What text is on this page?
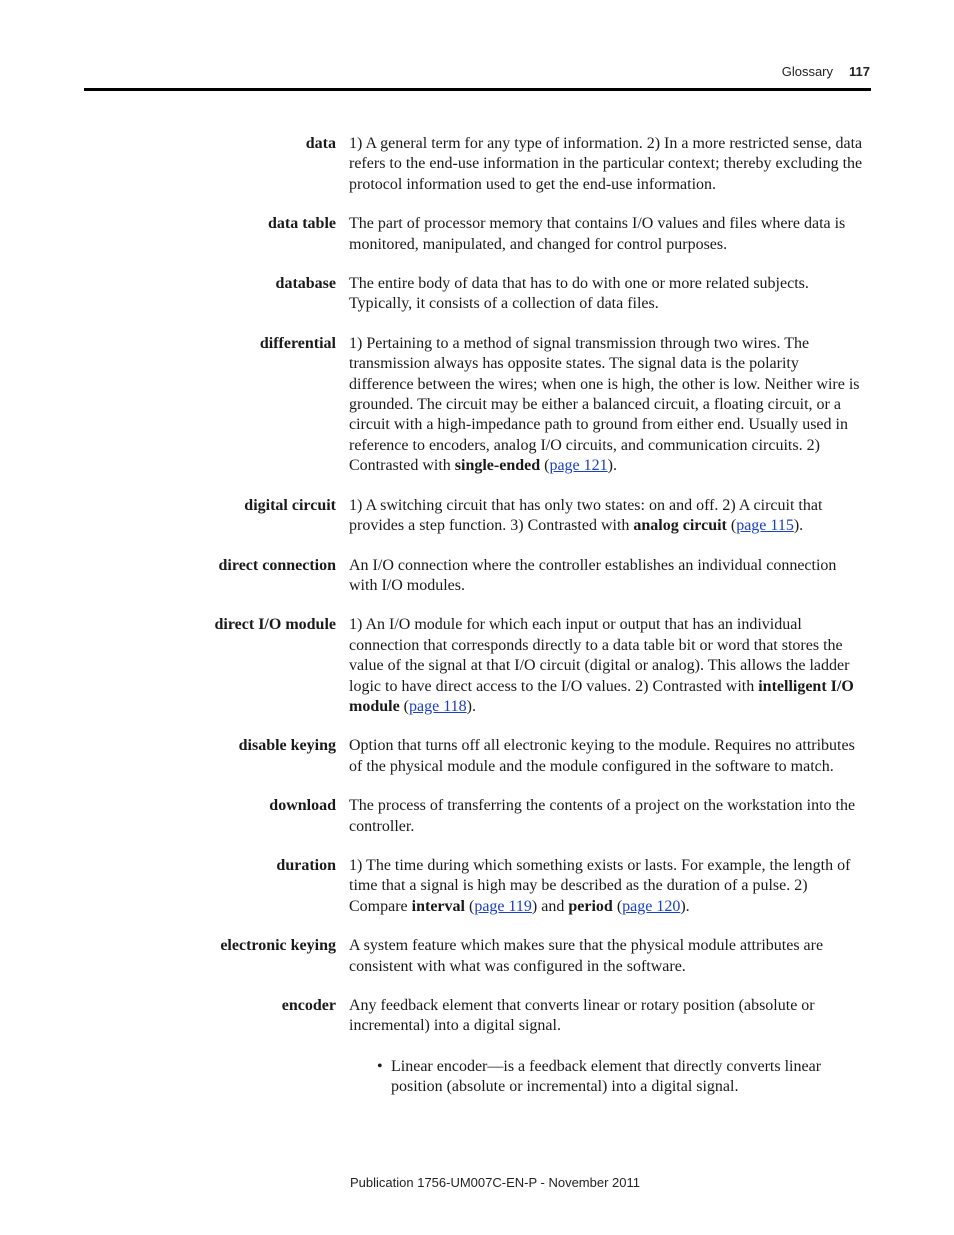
Glossary 117
data 1) A general term for any type of information. 2) In a more restricted sense, data refers to the end-use information in the particular context; thereby excluding the protocol information used to get the end-use information.
data table The part of processor memory that contains I/O values and files where data is monitored, manipulated, and changed for control purposes.
database The entire body of data that has to do with one or more related subjects. Typically, it consists of a collection of data files.
differential 1) Pertaining to a method of signal transmission through two wires. The transmission always has opposite states. The signal data is the polarity difference between the wires; when one is high, the other is low. Neither wire is grounded. The circuit may be either a balanced circuit, a floating circuit, or a circuit with a high-impedance path to ground from either end. Usually used in reference to encoders, analog I/O circuits, and communication circuits. 2) Contrasted with single-ended (page 121).
digital circuit 1) A switching circuit that has only two states: on and off. 2) A circuit that provides a step function. 3) Contrasted with analog circuit (page 115).
direct connection An I/O connection where the controller establishes an individual connection with I/O modules.
direct I/O module 1) An I/O module for which each input or output that has an individual connection that corresponds directly to a data table bit or word that stores the value of the signal at that I/O circuit (digital or analog). This allows the ladder logic to have direct access to the I/O values. 2) Contrasted with intelligent I/O module (page 118).
disable keying Option that turns off all electronic keying to the module. Requires no attributes of the physical module and the module configured in the software to match.
download The process of transferring the contents of a project on the workstation into the controller.
duration 1) The time during which something exists or lasts. For example, the length of time that a signal is high may be described as the duration of a pulse. 2) Compare interval (page 119) and period (page 120).
electronic keying A system feature which makes sure that the physical module attributes are consistent with what was configured in the software.
encoder Any feedback element that converts linear or rotary position (absolute or incremental) into a digital signal.
• Linear encoder—is a feedback element that directly converts linear position (absolute or incremental) into a digital signal.
Publication 1756-UM007C-EN-P - November 2011
